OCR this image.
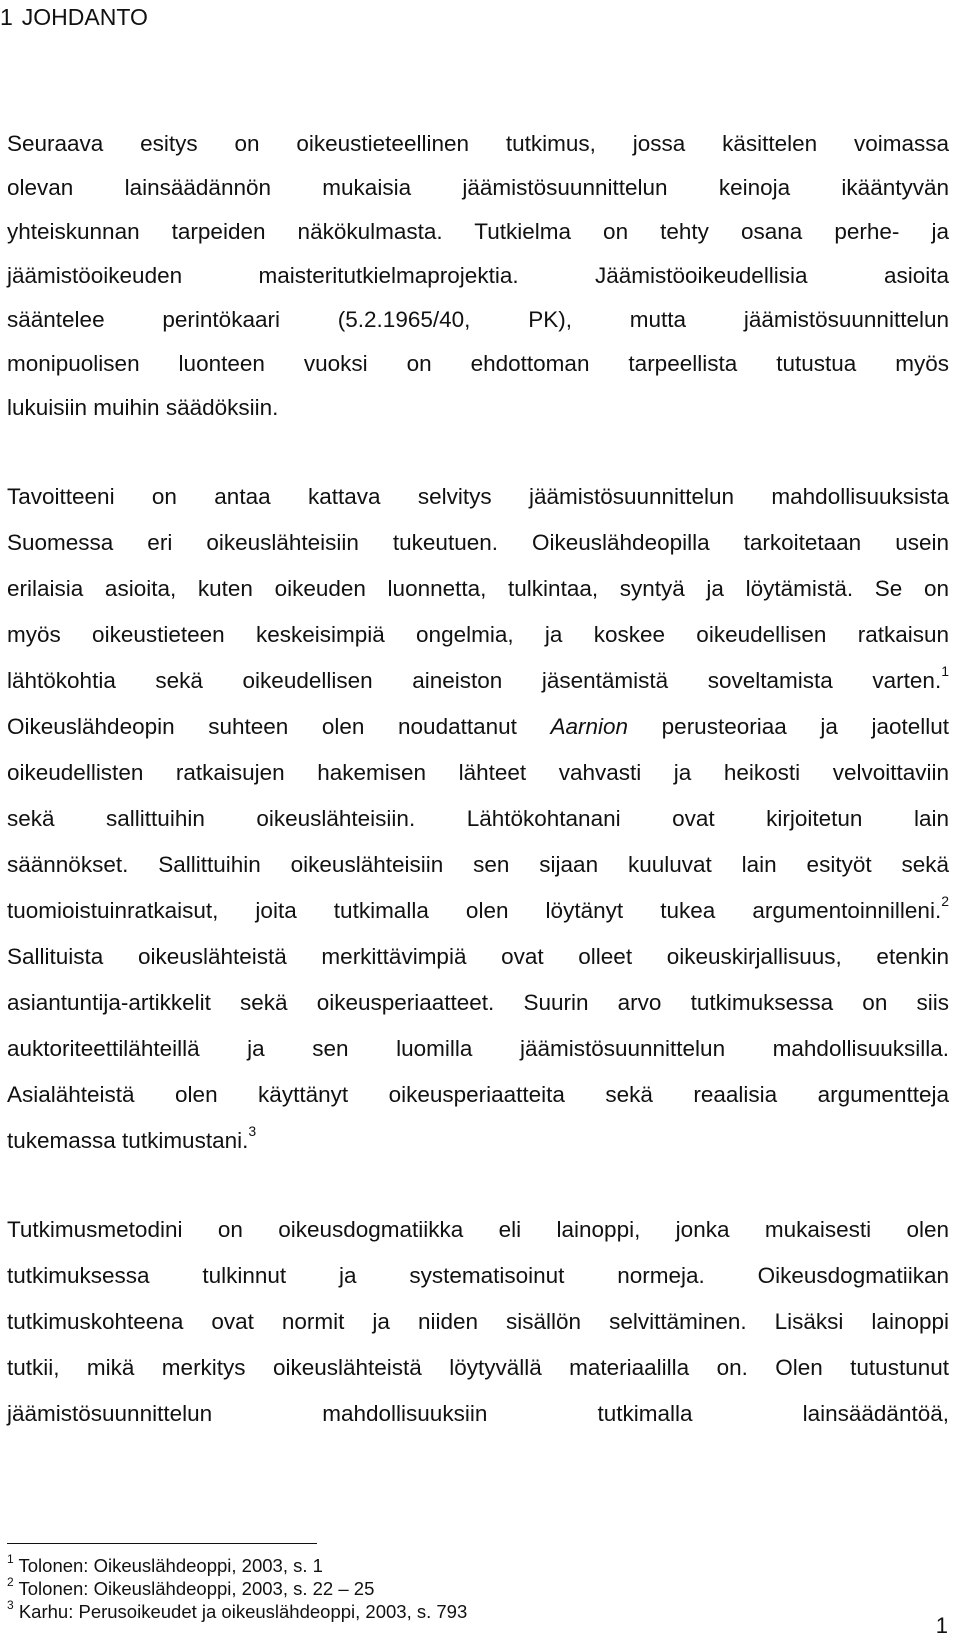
1 JOHDANTO
Seuraava esitys on oikeustieteellinen tutkimus, jossa käsittelen voimassa
olevan lainsäädännön mukaisia jäämistösuunnittelun keinoja ikääntyvän
yhteiskunnan tarpeiden näkökulmasta. Tutkielma on tehty osana perhe- ja
jäämistöoikeuden maisteritutkielmaprojektia. Jäämistöoikeudellisia asioita
sääntelee perintökaari (5.2.1965/40, PK), mutta jäämistösuunnittelun
monipuolisen luonteen vuoksi on ehdottoman tarpeellista tutustua myös
lukuisiin muihin säädöksiin.
Tavoitteeni on antaa kattava selvitys jäämistösuunnittelun mahdollisuuksista
Suomessa eri oikeuslähteisiin tukeutuen. Oikeuslähdeopilla tarkoitetaan usein
erilaisia asioita, kuten oikeuden luonnetta, tulkintaa, syntyä ja löytämistä. Se on
myös oikeustieteen keskeisimpiä ongelmia, ja koskee oikeudellisen ratkaisun
lähtökohtia sekä oikeudellisen aineiston jäsentämistä soveltamista varten.$^1$
Oikeuslähdeopin suhteen olen noudattanut Aarnion perusteoriaa ja jaotellut
oikeudellisten ratkaisujen hakemisen lähteet vahvasti ja heikosti velvoittaviin
sekä sallittuihin oikeuslähteisiin. Lähtökohtanani ovat kirjoitetun lain
säännökset. Sallittuihin oikeuslähteisiin sen sijaan kuuluvat lain esityöt sekä
tuomioistuinratkaisut, joita tutkimalla olen löytänyt tukea argumentoinnilleni.$^2$
Sallituista oikeuslähteistä merkittävimpiä ovat olleet oikeuskirjallisuus, etenkin
asiantuntija-artikkelit sekä oikeusperiaatteet. Suurin arvo tutkimuksessa on siis
auktoriteettilähteillä ja sen luomilla jäämistösuunnittelun mahdollisuuksilla.
Asialähteistä olen käyttänyt oikeusperiaatteita sekä reaalisia argumentteja
tukemassa tutkimustani.$^3$
Tutkimusmetodini on oikeusdogmatiikka eli lainoppi, jonka mukaisesti olen
tutkimuksessa tulkinnut ja systematisoinut normeja. Oikeusdogmatiikan
tutkimuskohteena ovat normit ja niiden sisällön selvittäminen. Lisäksi lainoppi
tutkii, mikä merkitys oikeuslähteistä löytyvällä materiaalilla on. Olen tutustunut
jäämistösuunnittelun mahdollisuuksiin tutkimalla lainsäädäntöä,
$^1$ Tolonen: Oikeuslähdeoppi, 2003, s. 1
$^2$ Tolonen: Oikeuslähdeoppi, 2003, s. 22 – 25
$^3$ Karhu: Perusoikeudet ja oikeuslähdeoppi, 2003, s. 793
1
